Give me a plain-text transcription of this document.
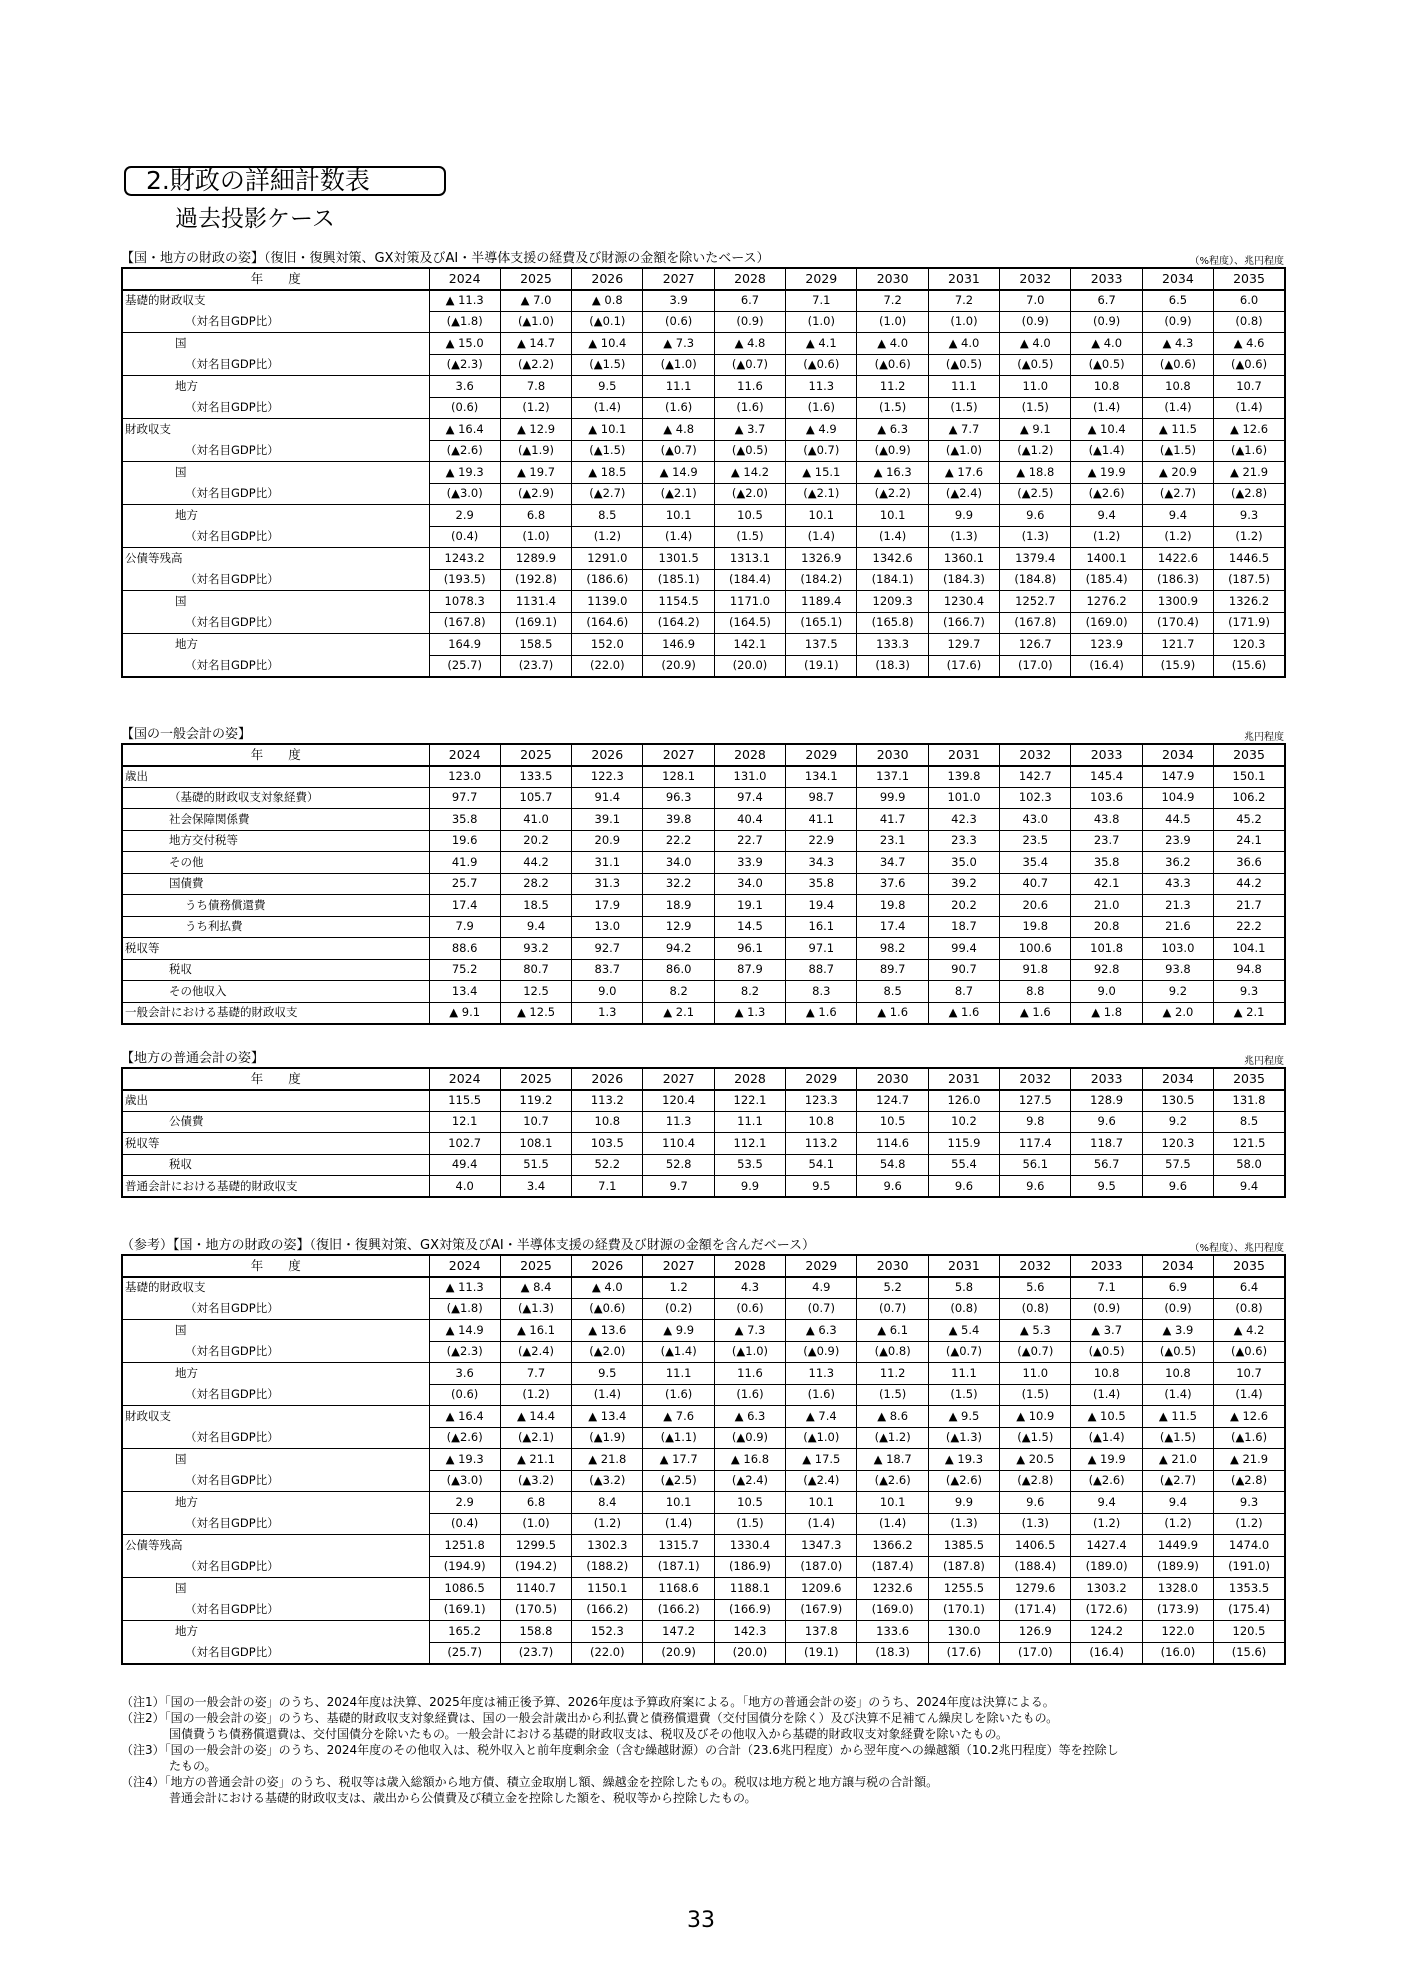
2.財政の詳細計数表
過去投影ケース
【国・地方の財政の姿】（復旧・復興対策、GX対策及びAI・半導体支援の経費及び財源の金額を除いたベース）	（%程度）、兆円程度
年　　度	2024	2025	2026	2027	2028	2029	2030	2031	2032	2033	2034	2035
基礎的財政収支	▲ 11.3	▲ 7.0	▲ 0.8	3.9	6.7	7.1	7.2	7.2	7.0	6.7	6.5	6.0
（対名目GDP比）	(▲1.8)	(▲1.0)	(▲0.1)	(0.6)	(0.9)	(1.0)	(1.0)	(1.0)	(0.9)	(0.9)	(0.9)	(0.8)
国	▲ 15.0	▲ 14.7	▲ 10.4	▲ 7.3	▲ 4.8	▲ 4.1	▲ 4.0	▲ 4.0	▲ 4.0	▲ 4.0	▲ 4.3	▲ 4.6
（対名目GDP比）	(▲2.3)	(▲2.2)	(▲1.5)	(▲1.0)	(▲0.7)	(▲0.6)	(▲0.6)	(▲0.5)	(▲0.5)	(▲0.5)	(▲0.6)	(▲0.6)
地方	3.6	7.8	9.5	11.1	11.6	11.3	11.2	11.1	11.0	10.8	10.8	10.7
（対名目GDP比）	(0.6)	(1.2)	(1.4)	(1.6)	(1.6)	(1.6)	(1.5)	(1.5)	(1.5)	(1.4)	(1.4)	(1.4)
財政収支	▲ 16.4	▲ 12.9	▲ 10.1	▲ 4.8	▲ 3.7	▲ 4.9	▲ 6.3	▲ 7.7	▲ 9.1	▲ 10.4	▲ 11.5	▲ 12.6
（対名目GDP比）	(▲2.6)	(▲1.9)	(▲1.5)	(▲0.7)	(▲0.5)	(▲0.7)	(▲0.9)	(▲1.0)	(▲1.2)	(▲1.4)	(▲1.5)	(▲1.6)
国	▲ 19.3	▲ 19.7	▲ 18.5	▲ 14.9	▲ 14.2	▲ 15.1	▲ 16.3	▲ 17.6	▲ 18.8	▲ 19.9	▲ 20.9	▲ 21.9
（対名目GDP比）	(▲3.0)	(▲2.9)	(▲2.7)	(▲2.1)	(▲2.0)	(▲2.1)	(▲2.2)	(▲2.4)	(▲2.5)	(▲2.6)	(▲2.7)	(▲2.8)
地方	2.9	6.8	8.5	10.1	10.5	10.1	10.1	9.9	9.6	9.4	9.4	9.3
（対名目GDP比）	(0.4)	(1.0)	(1.2)	(1.4)	(1.5)	(1.4)	(1.4)	(1.3)	(1.3)	(1.2)	(1.2)	(1.2)
公債等残高	1243.2	1289.9	1291.0	1301.5	1313.1	1326.9	1342.6	1360.1	1379.4	1400.1	1422.6	1446.5
（対名目GDP比）	(193.5)	(192.8)	(186.6)	(185.1)	(184.4)	(184.2)	(184.1)	(184.3)	(184.8)	(185.4)	(186.3)	(187.5)
国	1078.3	1131.4	1139.0	1154.5	1171.0	1189.4	1209.3	1230.4	1252.7	1276.2	1300.9	1326.2
（対名目GDP比）	(167.8)	(169.1)	(164.6)	(164.2)	(164.5)	(165.1)	(165.8)	(166.7)	(167.8)	(169.0)	(170.4)	(171.9)
地方	164.9	158.5	152.0	146.9	142.1	137.5	133.3	129.7	126.7	123.9	121.7	120.3
（対名目GDP比）	(25.7)	(23.7)	(22.0)	(20.9)	(20.0)	(19.1)	(18.3)	(17.6)	(17.0)	(16.4)	(15.9)	(15.6)
【国の一般会計の姿】	兆円程度
年　　度	2024	2025	2026	2027	2028	2029	2030	2031	2032	2033	2034	2035
歳出	123.0	133.5	122.3	128.1	131.0	134.1	137.1	139.8	142.7	145.4	147.9	150.1
（基礎的財政収支対象経費）	97.7	105.7	91.4	96.3	97.4	98.7	99.9	101.0	102.3	103.6	104.9	106.2
社会保障関係費	35.8	41.0	39.1	39.8	40.4	41.1	41.7	42.3	43.0	43.8	44.5	45.2
地方交付税等	19.6	20.2	20.9	22.2	22.7	22.9	23.1	23.3	23.5	23.7	23.9	24.1
その他	41.9	44.2	31.1	34.0	33.9	34.3	34.7	35.0	35.4	35.8	36.2	36.6
国債費	25.7	28.2	31.3	32.2	34.0	35.8	37.6	39.2	40.7	42.1	43.3	44.2
うち債務償還費	17.4	18.5	17.9	18.9	19.1	19.4	19.8	20.2	20.6	21.0	21.3	21.7
うち利払費	7.9	9.4	13.0	12.9	14.5	16.1	17.4	18.7	19.8	20.8	21.6	22.2
税収等	88.6	93.2	92.7	94.2	96.1	97.1	98.2	99.4	100.6	101.8	103.0	104.1
税収	75.2	80.7	83.7	86.0	87.9	88.7	89.7	90.7	91.8	92.8	93.8	94.8
その他収入	13.4	12.5	9.0	8.2	8.2	8.3	8.5	8.7	8.8	9.0	9.2	9.3
一般会計における基礎的財政収支	▲ 9.1	▲ 12.5	1.3	▲ 2.1	▲ 1.3	▲ 1.6	▲ 1.6	▲ 1.6	▲ 1.6	▲ 1.8	▲ 2.0	▲ 2.1
【地方の普通会計の姿】	兆円程度
年　　度	2024	2025	2026	2027	2028	2029	2030	2031	2032	2033	2034	2035
歳出	115.5	119.2	113.2	120.4	122.1	123.3	124.7	126.0	127.5	128.9	130.5	131.8
公債費	12.1	10.7	10.8	11.3	11.1	10.8	10.5	10.2	9.8	9.6	9.2	8.5
税収等	102.7	108.1	103.5	110.4	112.1	113.2	114.6	115.9	117.4	118.7	120.3	121.5
税収	49.4	51.5	52.2	52.8	53.5	54.1	54.8	55.4	56.1	56.7	57.5	58.0
普通会計における基礎的財政収支	4.0	3.4	7.1	9.7	9.9	9.5	9.6	9.6	9.6	9.5	9.6	9.4
（参考）【国・地方の財政の姿】（復旧・復興対策、GX対策及びAI・半導体支援の経費及び財源の金額を含んだベース）	（%程度）、兆円程度
年　　度	2024	2025	2026	2027	2028	2029	2030	2031	2032	2033	2034	2035
基礎的財政収支	▲ 11.3	▲ 8.4	▲ 4.0	1.2	4.3	4.9	5.2	5.8	5.6	7.1	6.9	6.4
（対名目GDP比）	(▲1.8)	(▲1.3)	(▲0.6)	(0.2)	(0.6)	(0.7)	(0.7)	(0.8)	(0.8)	(0.9)	(0.9)	(0.8)
国	▲ 14.9	▲ 16.1	▲ 13.6	▲ 9.9	▲ 7.3	▲ 6.3	▲ 6.1	▲ 5.4	▲ 5.3	▲ 3.7	▲ 3.9	▲ 4.2
（対名目GDP比）	(▲2.3)	(▲2.4)	(▲2.0)	(▲1.4)	(▲1.0)	(▲0.9)	(▲0.8)	(▲0.7)	(▲0.7)	(▲0.5)	(▲0.5)	(▲0.6)
地方	3.6	7.7	9.5	11.1	11.6	11.3	11.2	11.1	11.0	10.8	10.8	10.7
（対名目GDP比）	(0.6)	(1.2)	(1.4)	(1.6)	(1.6)	(1.6)	(1.5)	(1.5)	(1.5)	(1.4)	(1.4)	(1.4)
財政収支	▲ 16.4	▲ 14.4	▲ 13.4	▲ 7.6	▲ 6.3	▲ 7.4	▲ 8.6	▲ 9.5	▲ 10.9	▲ 10.5	▲ 11.5	▲ 12.6
（対名目GDP比）	(▲2.6)	(▲2.1)	(▲1.9)	(▲1.1)	(▲0.9)	(▲1.0)	(▲1.2)	(▲1.3)	(▲1.5)	(▲1.4)	(▲1.5)	(▲1.6)
国	▲ 19.3	▲ 21.1	▲ 21.8	▲ 17.7	▲ 16.8	▲ 17.5	▲ 18.7	▲ 19.3	▲ 20.5	▲ 19.9	▲ 21.0	▲ 21.9
（対名目GDP比）	(▲3.0)	(▲3.2)	(▲3.2)	(▲2.5)	(▲2.4)	(▲2.4)	(▲2.6)	(▲2.6)	(▲2.8)	(▲2.6)	(▲2.7)	(▲2.8)
地方	2.9	6.8	8.4	10.1	10.5	10.1	10.1	9.9	9.6	9.4	9.4	9.3
（対名目GDP比）	(0.4)	(1.0)	(1.2)	(1.4)	(1.5)	(1.4)	(1.4)	(1.3)	(1.3)	(1.2)	(1.2)	(1.2)
公債等残高	1251.8	1299.5	1302.3	1315.7	1330.4	1347.3	1366.2	1385.5	1406.5	1427.4	1449.9	1474.0
（対名目GDP比）	(194.9)	(194.2)	(188.2)	(187.1)	(186.9)	(187.0)	(187.4)	(187.8)	(188.4)	(189.0)	(189.9)	(191.0)
国	1086.5	1140.7	1150.1	1168.6	1188.1	1209.6	1232.6	1255.5	1279.6	1303.2	1328.0	1353.5
（対名目GDP比）	(169.1)	(170.5)	(166.2)	(166.2)	(166.9)	(167.9)	(169.0)	(170.1)	(171.4)	(172.6)	(173.9)	(175.4)
地方	165.2	158.8	152.3	147.2	142.3	137.8	133.6	130.0	126.9	124.2	122.0	120.5
（対名目GDP比）	(25.7)	(23.7)	(22.0)	(20.9)	(20.0)	(19.1)	(18.3)	(17.6)	(17.0)	(16.4)	(16.0)	(15.6)
（注1）「国の一般会計の姿」のうち、2024年度は決算、2025年度は補正後予算、2026年度は予算政府案による。「地方の普通会計の姿」のうち、2024年度は決算による。
（注2）「国の一般会計の姿」のうち、基礎的財政収支対象経費は、国の一般会計歳出から利払費と債務償還費（交付国債分を除く）及び決算不足補てん繰戻しを除いたもの。
国債費うち債務償還費は、交付国債分を除いたもの。一般会計における基礎的財政収支は、税収及びその他収入から基礎的財政収支対象経費を除いたもの。
（注3）「国の一般会計の姿」のうち、2024年度のその他収入は、税外収入と前年度剰余金（含む繰越財源）の合計（23.6兆円程度）から翌年度への繰越額（10.2兆円程度）等を控除し
たもの。
（注4）「地方の普通会計の姿」のうち、税収等は歳入総額から地方債、積立金取崩し額、繰越金を控除したもの。税収は地方税と地方譲与税の合計額。
普通会計における基礎的財政収支は、歳出から公債費及び積立金を控除した額を、税収等から控除したもの。
33
